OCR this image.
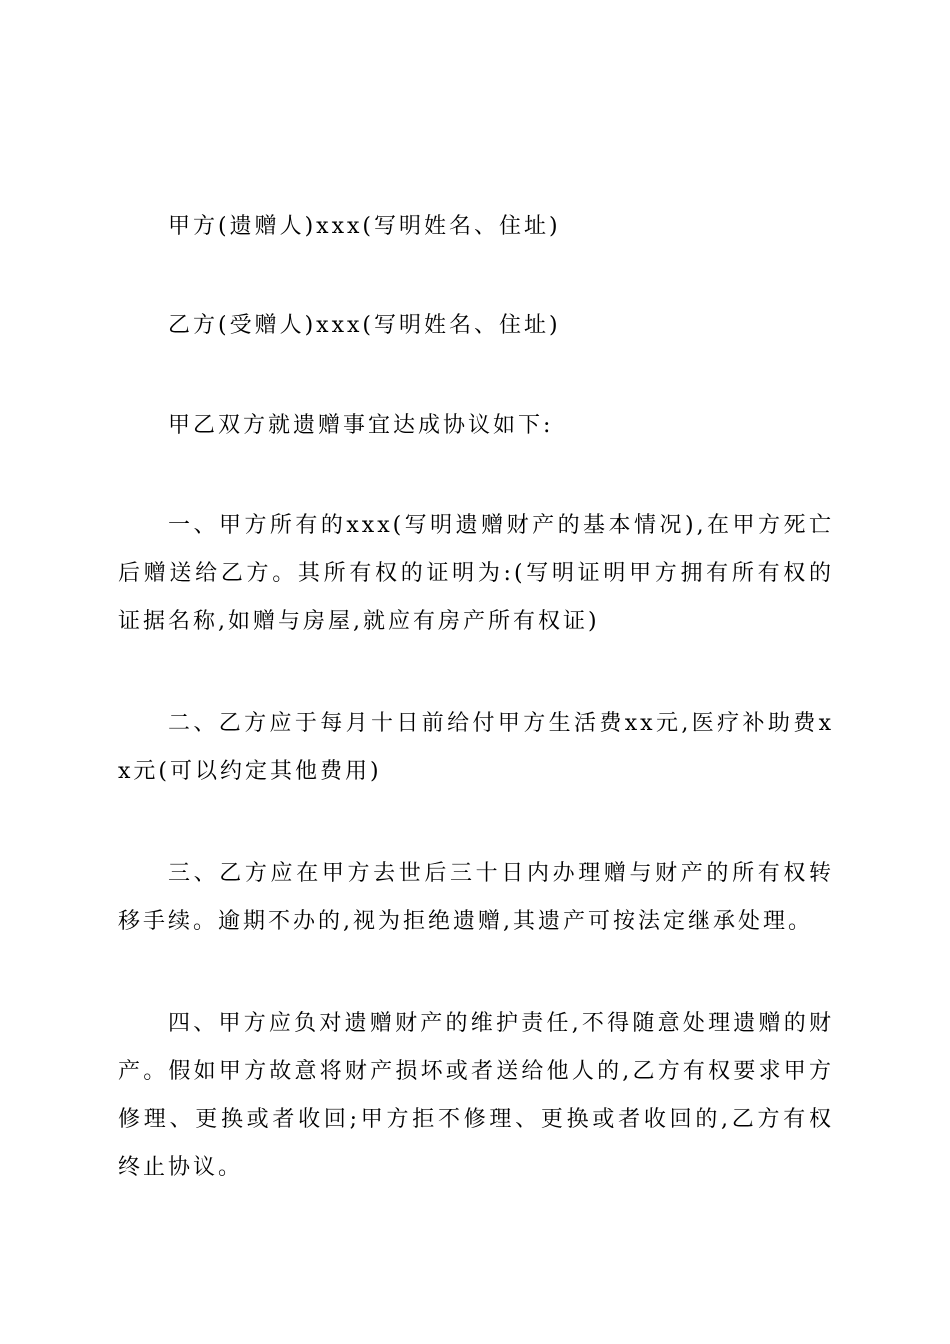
甲方(遗赠人)xxx(写明姓名、住址)

乙方(受赠人)xxx(写明姓名、住址)

甲乙双方就遗赠事宜达成协议如下:

一、甲方所有的xxx(写明遗赠财产的基本情况),在甲方死亡后赠送给乙方。其所有权的证明为:(写明证明甲方拥有所有权的证据名称,如赠与房屋,就应有房产所有权证)

二、乙方应于每月十日前给付甲方生活费xx元,医疗补助费xx元(可以约定其他费用)

三、乙方应在甲方去世后三十日内办理赠与财产的所有权转移手续。逾期不办的,视为拒绝遗赠,其遗产可按法定继承处理。

四、甲方应负对遗赠财产的维护责任,不得随意处理遗赠的财产。假如甲方故意将财产损坏或者送给他人的,乙方有权要求甲方修理、更换或者收回;甲方拒不修理、更换或者收回的,乙方有权终止协议。
